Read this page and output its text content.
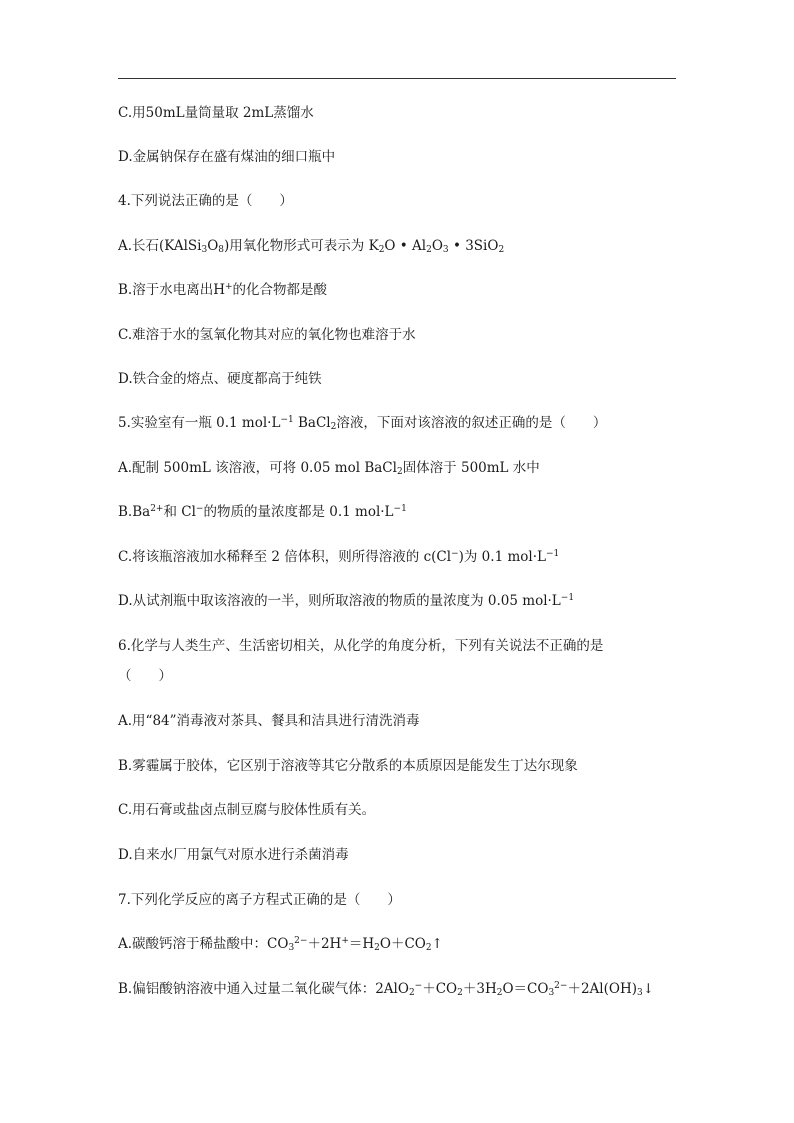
C.用50mL量筒量取 2mL蒸馏水
D.金属钠保存在盛有煤油的细口瓶中
4.下列说法正确的是（　　）
A.长石$(KAlSi_3O_8)$用氧化物形式可表示为 $K_2O$ • $Al_2O_3$ • 3SiO$_2$
B.溶于水电离出H+的化合物都是酸
C.难溶于水的氢氧化物其对应的氧化物也难溶于水
D.铁合金的熔点、硬度都高于纯铁
5.实验室有一瓶 0.1 $mol\cdot L^{-1}$ BaCl$_2$溶液，下面对该溶液的叙述正确的是（　　）
A.配制 500mL 该溶液，可将 0.05 mol BaCl$_2$固体溶于 500mL 水中
$B.Ba^{2+}$和 Cl−的物质的量浓度都是 0.1 $mol\cdot L^{-1}$
C.将该瓶溶液加水稀释至 2 倍体积，则所得溶液的 c(Cl−)为 0.1 $mol\cdot L^{-1}$
D.从试剂瓶中取该溶液的一半，则所取溶液的物质的量浓度为 0.05 $mol\cdot L^{-1}$
6.化学与人类生产、生活密切相关，从化学的角度分析，下列有关说法不正确的是
（　　）
A.用“84”消毒液对茶具、餐具和洁具进行清洗消毒
B.雾霾属于胶体，它区别于溶液等其它分散系的本质原因是能发生丁达尔现象
C.用石膏或盐卤点制豆腐与胶体性质有关。
D.自来水厂用氯气对原水进行杀菌消毒
7.下列化学反应的离子方程式正确的是（　　）
A.碳酸钙溶于稀盐酸中：$CO_3^{2-}+2H^+=H_2O+CO_2↑$
B.偏铝酸钠溶液中通入过量二氧化碳气体：$2AlO_2^-+CO_2+3H_2O=CO_3^{2-}+2Al(OH)_3↓$
